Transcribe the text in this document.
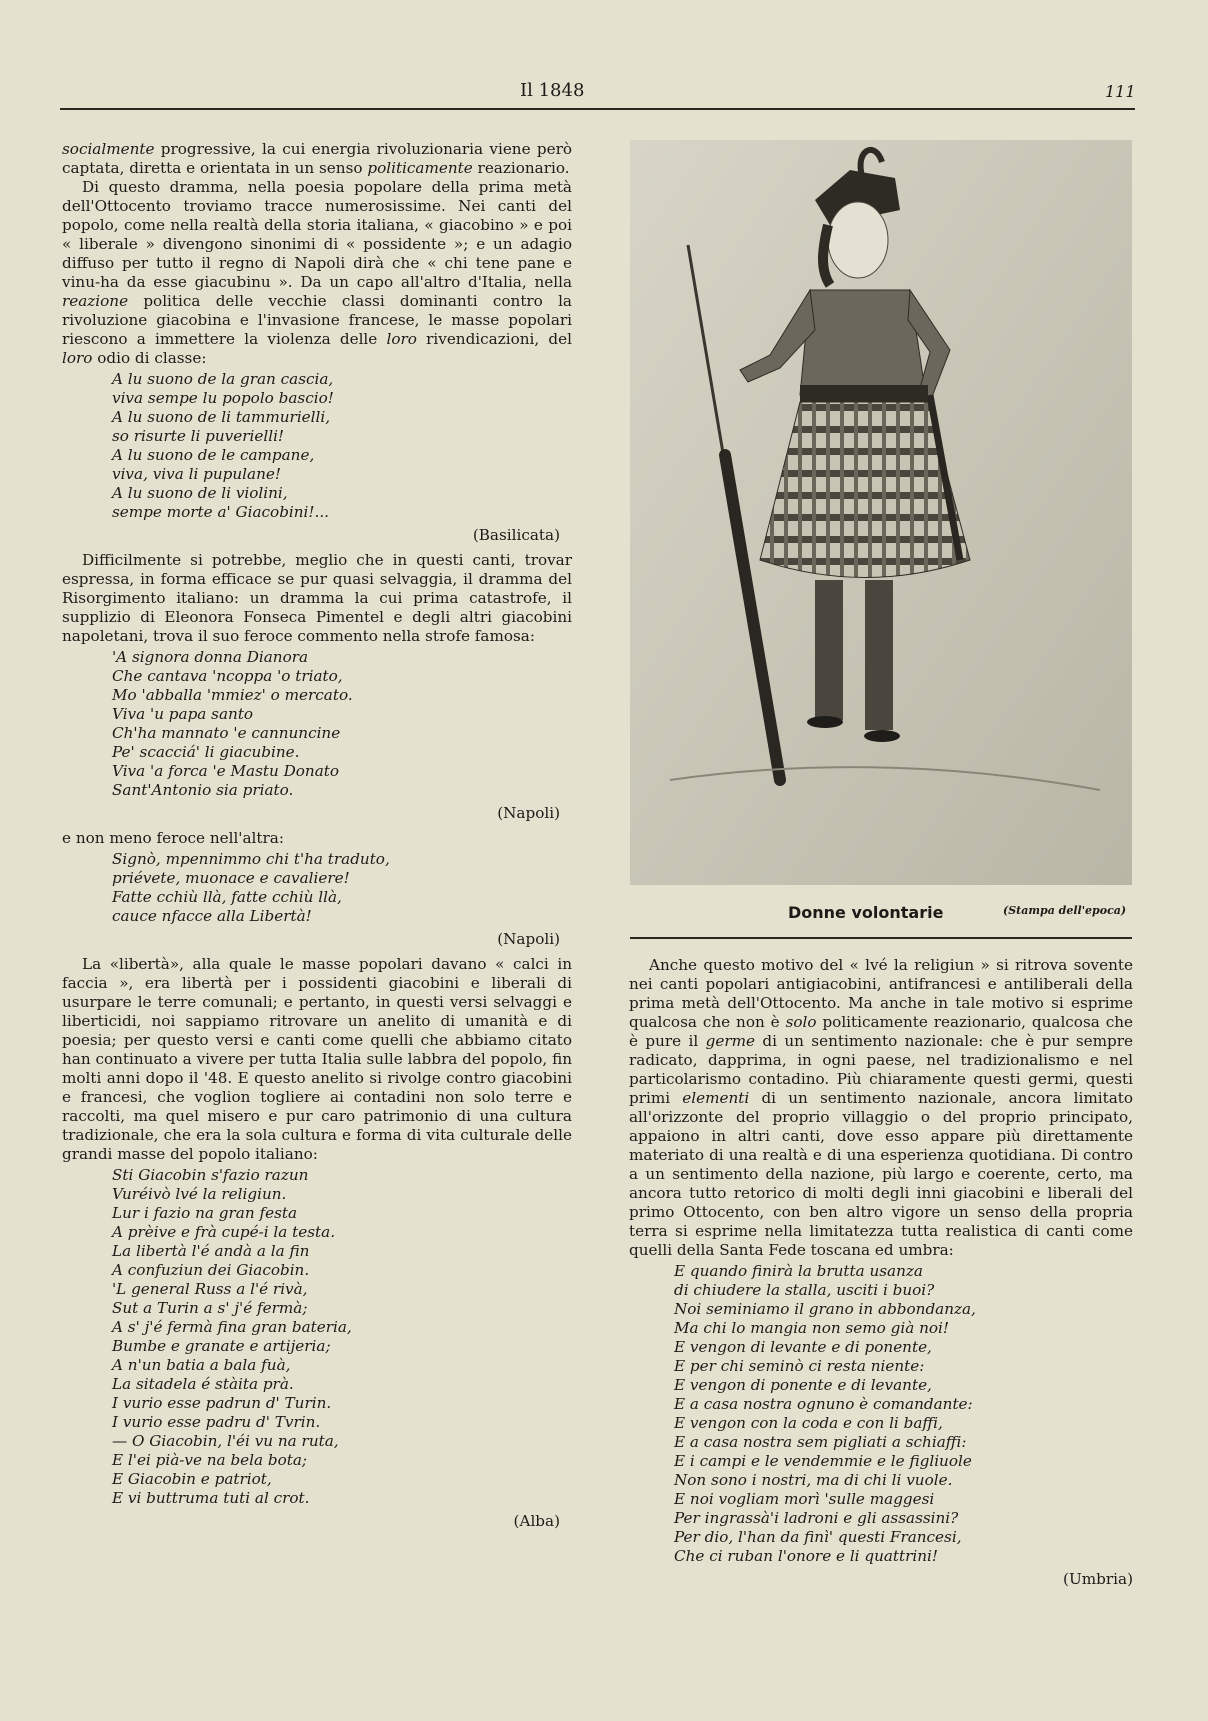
Il 1848	111

socialmente progressive, la cui energia rivoluzionaria viene però captata, diretta e orientata in un senso politicamente reazionario.

Di questo dramma, nella poesia popolare della prima metà dell'Ottocento troviamo tracce numerosissime. Nei canti del popolo, come nella realtà della storia italiana, « giacobino » e poi « liberale » divengono sinonimi di « possidente »; e un adagio diffuso per tutto il regno di Napoli dirà che « chi tene pane e vinu-ha da esse giacubinu ». Da un capo all'altro d'Italia, nella reazione politica delle vecchie classi dominanti contro la rivoluzione giacobina e l'invasione francese, le masse popolari riescono a immettere la violenza delle loro rivendicazioni, del loro odio di classe:

A lu suono de la gran cascia,
viva sempe lu popolo bascio!
A lu suono de li tammurielli,
so risurte li puverielli!
A lu suono de le campane,
viva, viva li pupulane!
A lu suono de li violini,
sempe morte a' Giacobini!...
(Basilicata)

Difficilmente si potrebbe, meglio che in questi canti, trovar espressa, in forma efficace se pur quasi selvaggia, il dramma del Risorgimento italiano: un dramma la cui prima catastrofe, il supplizio di Eleonora Fonseca Pimentel e degli altri giacobini napoletani, trova il suo feroce commento nella strofe famosa:

'A signora donna Dianora
Che cantava 'ncoppa 'o triato,
Mo 'abballa 'mmiez' o mercato.
Viva 'u papa santo
Ch'ha mannato 'e cannuncine
Pe' scacciá' li giacubine.
Viva 'a forca 'e Mastu Donato
Sant'Antonio sia priato.
(Napoli)

e non meno feroce nell'altra:

Signò, mpennimmo chi t'ha traduto,
priévete, muonace e cavaliere!
Fatte cchiù llà, fatte cchiù llà,
cauce nfacce alla Libertà!
(Napoli)

La «libertà», alla quale le masse popolari davano « calci in faccia », era libertà per i possidenti giacobini e liberali di usurpare le terre comunali; e pertanto, in questi versi selvaggi e liberticidi, noi sappiamo ritrovare un anelito di umanità e di poesia; per questo versi e canti come quelli che abbiamo citato han continuato a vivere per tutta Italia sulle labbra del popolo, fin molti anni dopo il '48. E questo anelito si rivolge contro giacobini e francesi, che voglion togliere ai contadini non solo terre e raccolti, ma quel misero e pur caro patrimonio di una cultura tradizionale, che era la sola cultura e forma di vita culturale delle grandi masse del popolo italiano:

Sti Giacobin s'fazio razun
Vuréivò lvé la religiun.
Lur i fazio na gran festa
A prèive e frà cupé-i la testa.
La libertà l'é andà a la fin
A confuziun dei Giacobin.
'L general Russ a l'é rivà,
Sut a Turin a s' j'é fermà;
A s' j'é fermà fina gran bateria,
Bumbe e granate e artijeria;
A n'un batia a bala fuà,
La sitadela é stàita prà.
I vurio esse padrun d' Turin.
I vurio esse padru d' Tvrin.
— O Giacobin, l'éi vu na ruta,
E l'ei pià-ve na bela bota;
E Giacobin e patriot,
E vi buttruma tuti al crot.
(Alba)
Donne volontarie	(Stampa dell'epoca)

Anche questo motivo del « lvé la religiun » si ritrova sovente nei canti popolari antigiacobini, antifrancesi e antiliberali della prima metà dell'Ottocento. Ma anche in tale motivo si esprime qualcosa che non è solo politicamente reazionario, qualcosa che è pure il germe di un sentimento nazionale: che è pur sempre radicato, dapprima, in ogni paese, nel tradizionalismo e nel particolarismo contadino. Più chiaramente questi germi, questi primi elementi di un sentimento nazionale, ancora limitato all'orizzonte del proprio villaggio o del proprio principato, appaiono in altri canti, dove esso appare più direttamente materiato di una realtà e di una esperienza quotidiana. Di contro a un sentimento della nazione, più largo e coerente, certo, ma ancora tutto retorico di molti degli inni giacobini e liberali del primo Ottocento, con ben altro vigore un senso della propria terra si esprime nella limitatezza tutta realistica di canti come quelli della Santa Fede toscana ed umbra:

E quando finirà la brutta usanza
di chiudere la stalla, usciti i buoi?
Noi seminiamo il grano in abbondanza,
Ma chi lo mangia non semo già noi!
E vengon di levante e di ponente,
E per chi seminò ci resta niente:
E vengon di ponente e di levante,
E a casa nostra ognuno è comandante:
E vengon con la coda e con li baffi,
E a casa nostra sem pigliati a schiaffi:
E i campi e le vendemmie e le figliuole
Non sono i nostri, ma di chi li vuole.
E noi vogliam morì 'sulle maggesi
Per ingrassà'i ladroni e gli assassini?
Per dio, l'han da finì' questi Francesi,
Che ci ruban l'onore e li quattrini!
(Umbria)
